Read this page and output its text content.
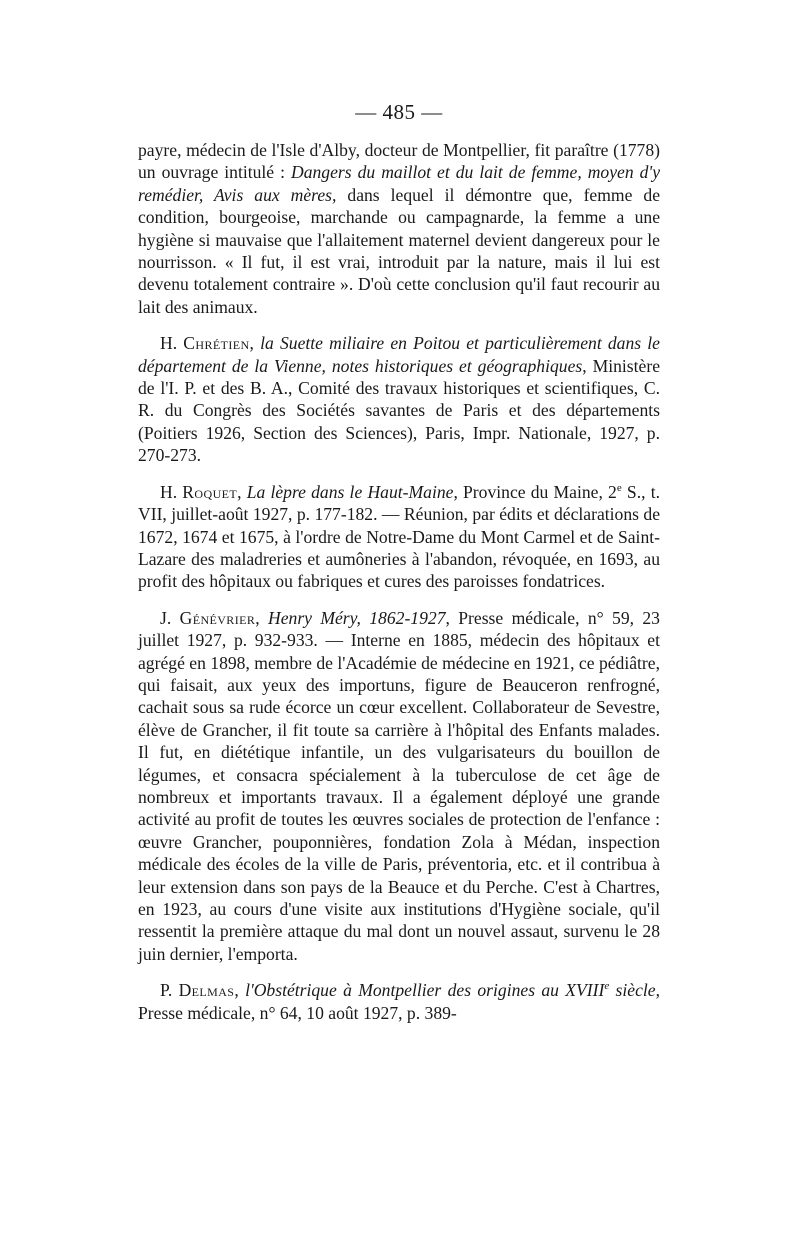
— 485 —

payre, médecin de l'Isle d'Alby, docteur de Montpellier, fit paraître (1778) un ouvrage intitulé : Dangers du maillot et du lait de femme, moyen d'y remédier, Avis aux mères, dans lequel il démontre que, femme de condition, bourgeoise, marchande ou campagnarde, la femme a une hygiène si mauvaise que l'allaitement maternel devient dangereux pour le nourrisson. « Il fut, il est vrai, introduit par la nature, mais il lui est devenu totalement contraire ». D'où cette conclusion qu'il faut recourir au lait des animaux.

H. Chrétien, la Suette miliaire en Poitou et particulièrement dans le département de la Vienne, notes historiques et géographiques, Ministère de l'I. P. et des B. A., Comité des travaux historiques et scientifiques, C. R. du Congrès des Sociétés savantes de Paris et des départements (Poitiers 1926, Section des Sciences), Paris, Impr. Nationale, 1927, p. 270-273.

H. Roquet, La lèpre dans le Haut-Maine, Province du Maine, 2e S., t. VII, juillet-août 1927, p. 177-182. — Réunion, par édits et déclarations de 1672, 1674 et 1675, à l'ordre de Notre-Dame du Mont Carmel et de Saint-Lazare des maladreries et aumôneries à l'abandon, révoquée, en 1693, au profit des hôpitaux ou fabriques et cures des paroisses fondatrices.

J. Génévrier, Henry Méry, 1862-1927, Presse médicale, n° 59, 23 juillet 1927, p. 932-933. — Interne en 1885, médecin des hôpitaux et agrégé en 1898, membre de l'Académie de médecine en 1921, ce pédiâtre, qui faisait, aux yeux des importuns, figure de Beauceron renfrogné, cachait sous sa rude écorce un cœur excellent. Collaborateur de Sevestre, élève de Grancher, il fit toute sa carrière à l'hôpital des Enfants malades. Il fut, en diététique infantile, un des vulgarisateurs du bouillon de légumes, et consacra spécialement à la tuberculose de cet âge de nombreux et importants travaux. Il a également déployé une grande activité au profit de toutes les œuvres sociales de protection de l'enfance : œuvre Grancher, pouponnières, fondation Zola à Médan, inspection médicale des écoles de la ville de Paris, préventoria, etc. et il contribua à leur extension dans son pays de la Beauce et du Perche. C'est à Chartres, en 1923, au cours d'une visite aux institutions d'Hygiène sociale, qu'il ressentit la première attaque du mal dont un nouvel assaut, survenu le 28 juin dernier, l'emporta.

P. Delmas, l'Obstétrique à Montpellier des origines au XVIIIe siècle, Presse médicale, n° 64, 10 août 1927, p. 389-
